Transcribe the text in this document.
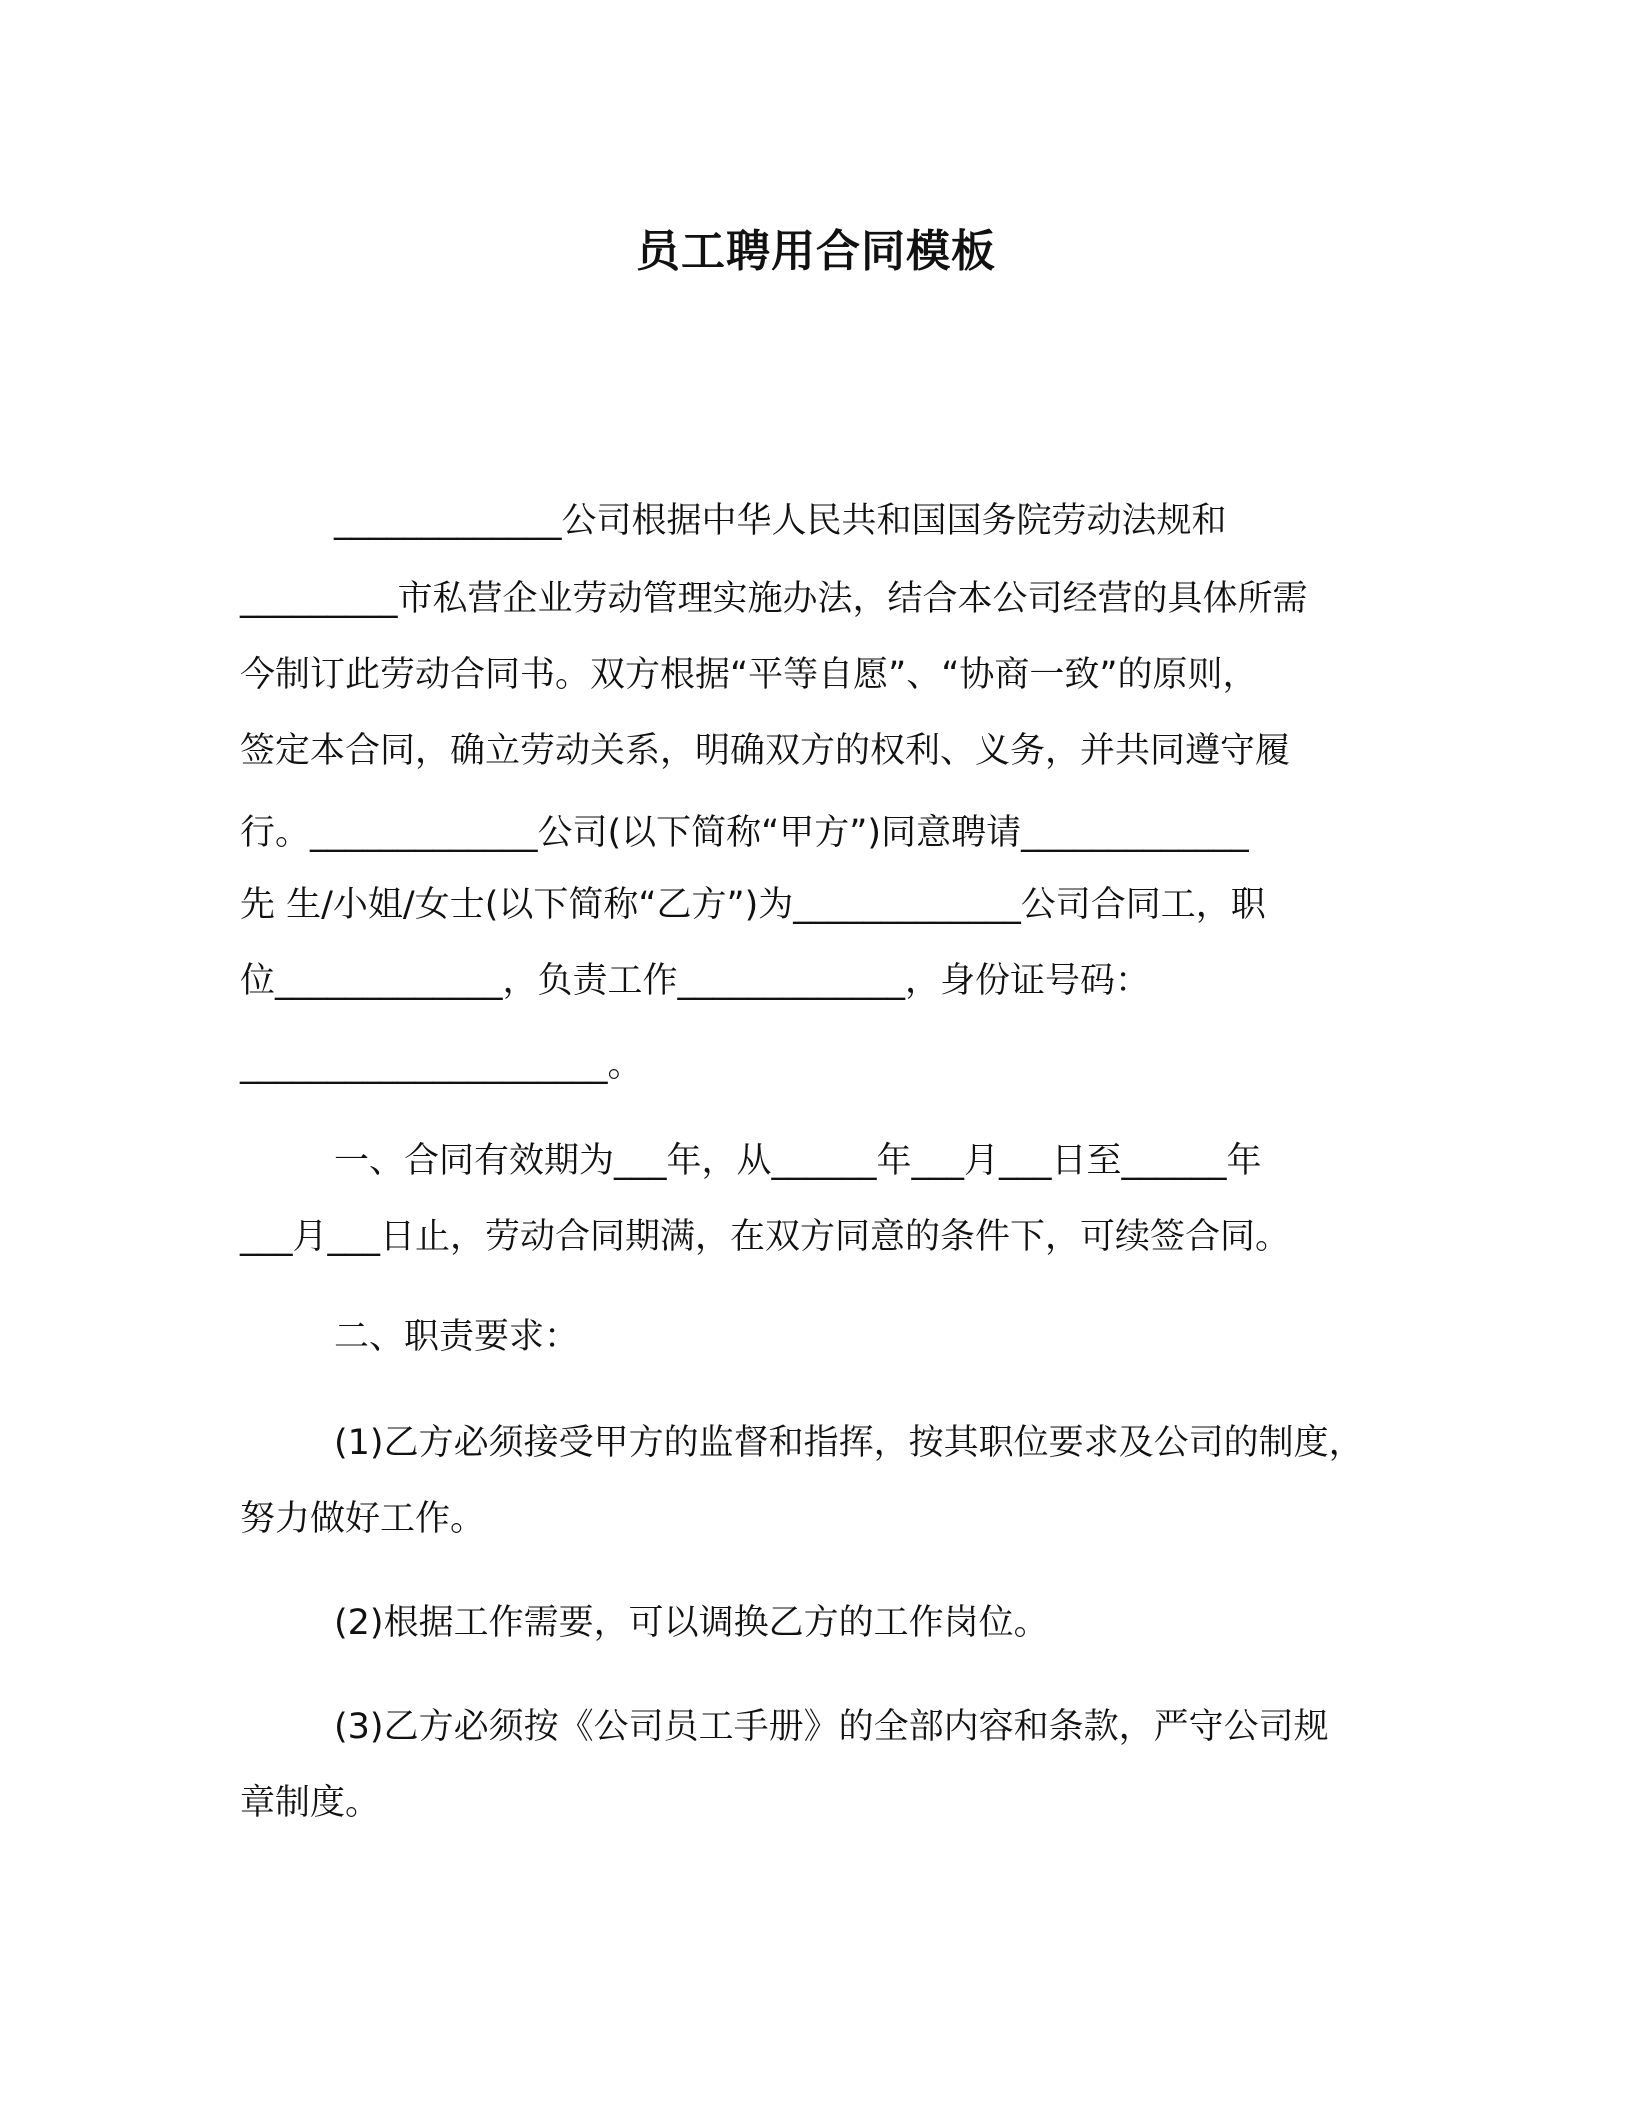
员工聘用合同模板
_____________公司根据中华人民共和国国务院劳动法规和
_________市私营企业劳动管理实施办法，结合本公司经营的具体所需
今制订此劳动合同书。双方根据“平等自愿”、“协商一致”的原则，
签定本合同，确立劳动关系，明确双方的权利、义务，并共同遵守履
行。_____________公司(以下简称“甲方”)同意聘请_____________
先 生/小姐/女士(以下简称“乙方”)为_____________公司合同工，职
位_____________，负责工作_____________，身份证号码：
_____________________。
一、合同有效期为___年，从______年___月___日至______年
___月___日止，劳动合同期满，在双方同意的条件下，可续签合同。
二、职责要求：
(1)乙方必须接受甲方的监督和指挥，按其职位要求及公司的制度，
努力做好工作。
(2)根据工作需要，可以调换乙方的工作岗位。
(3)乙方必须按《公司员工手册》的全部内容和条款，严守公司规
章制度。
